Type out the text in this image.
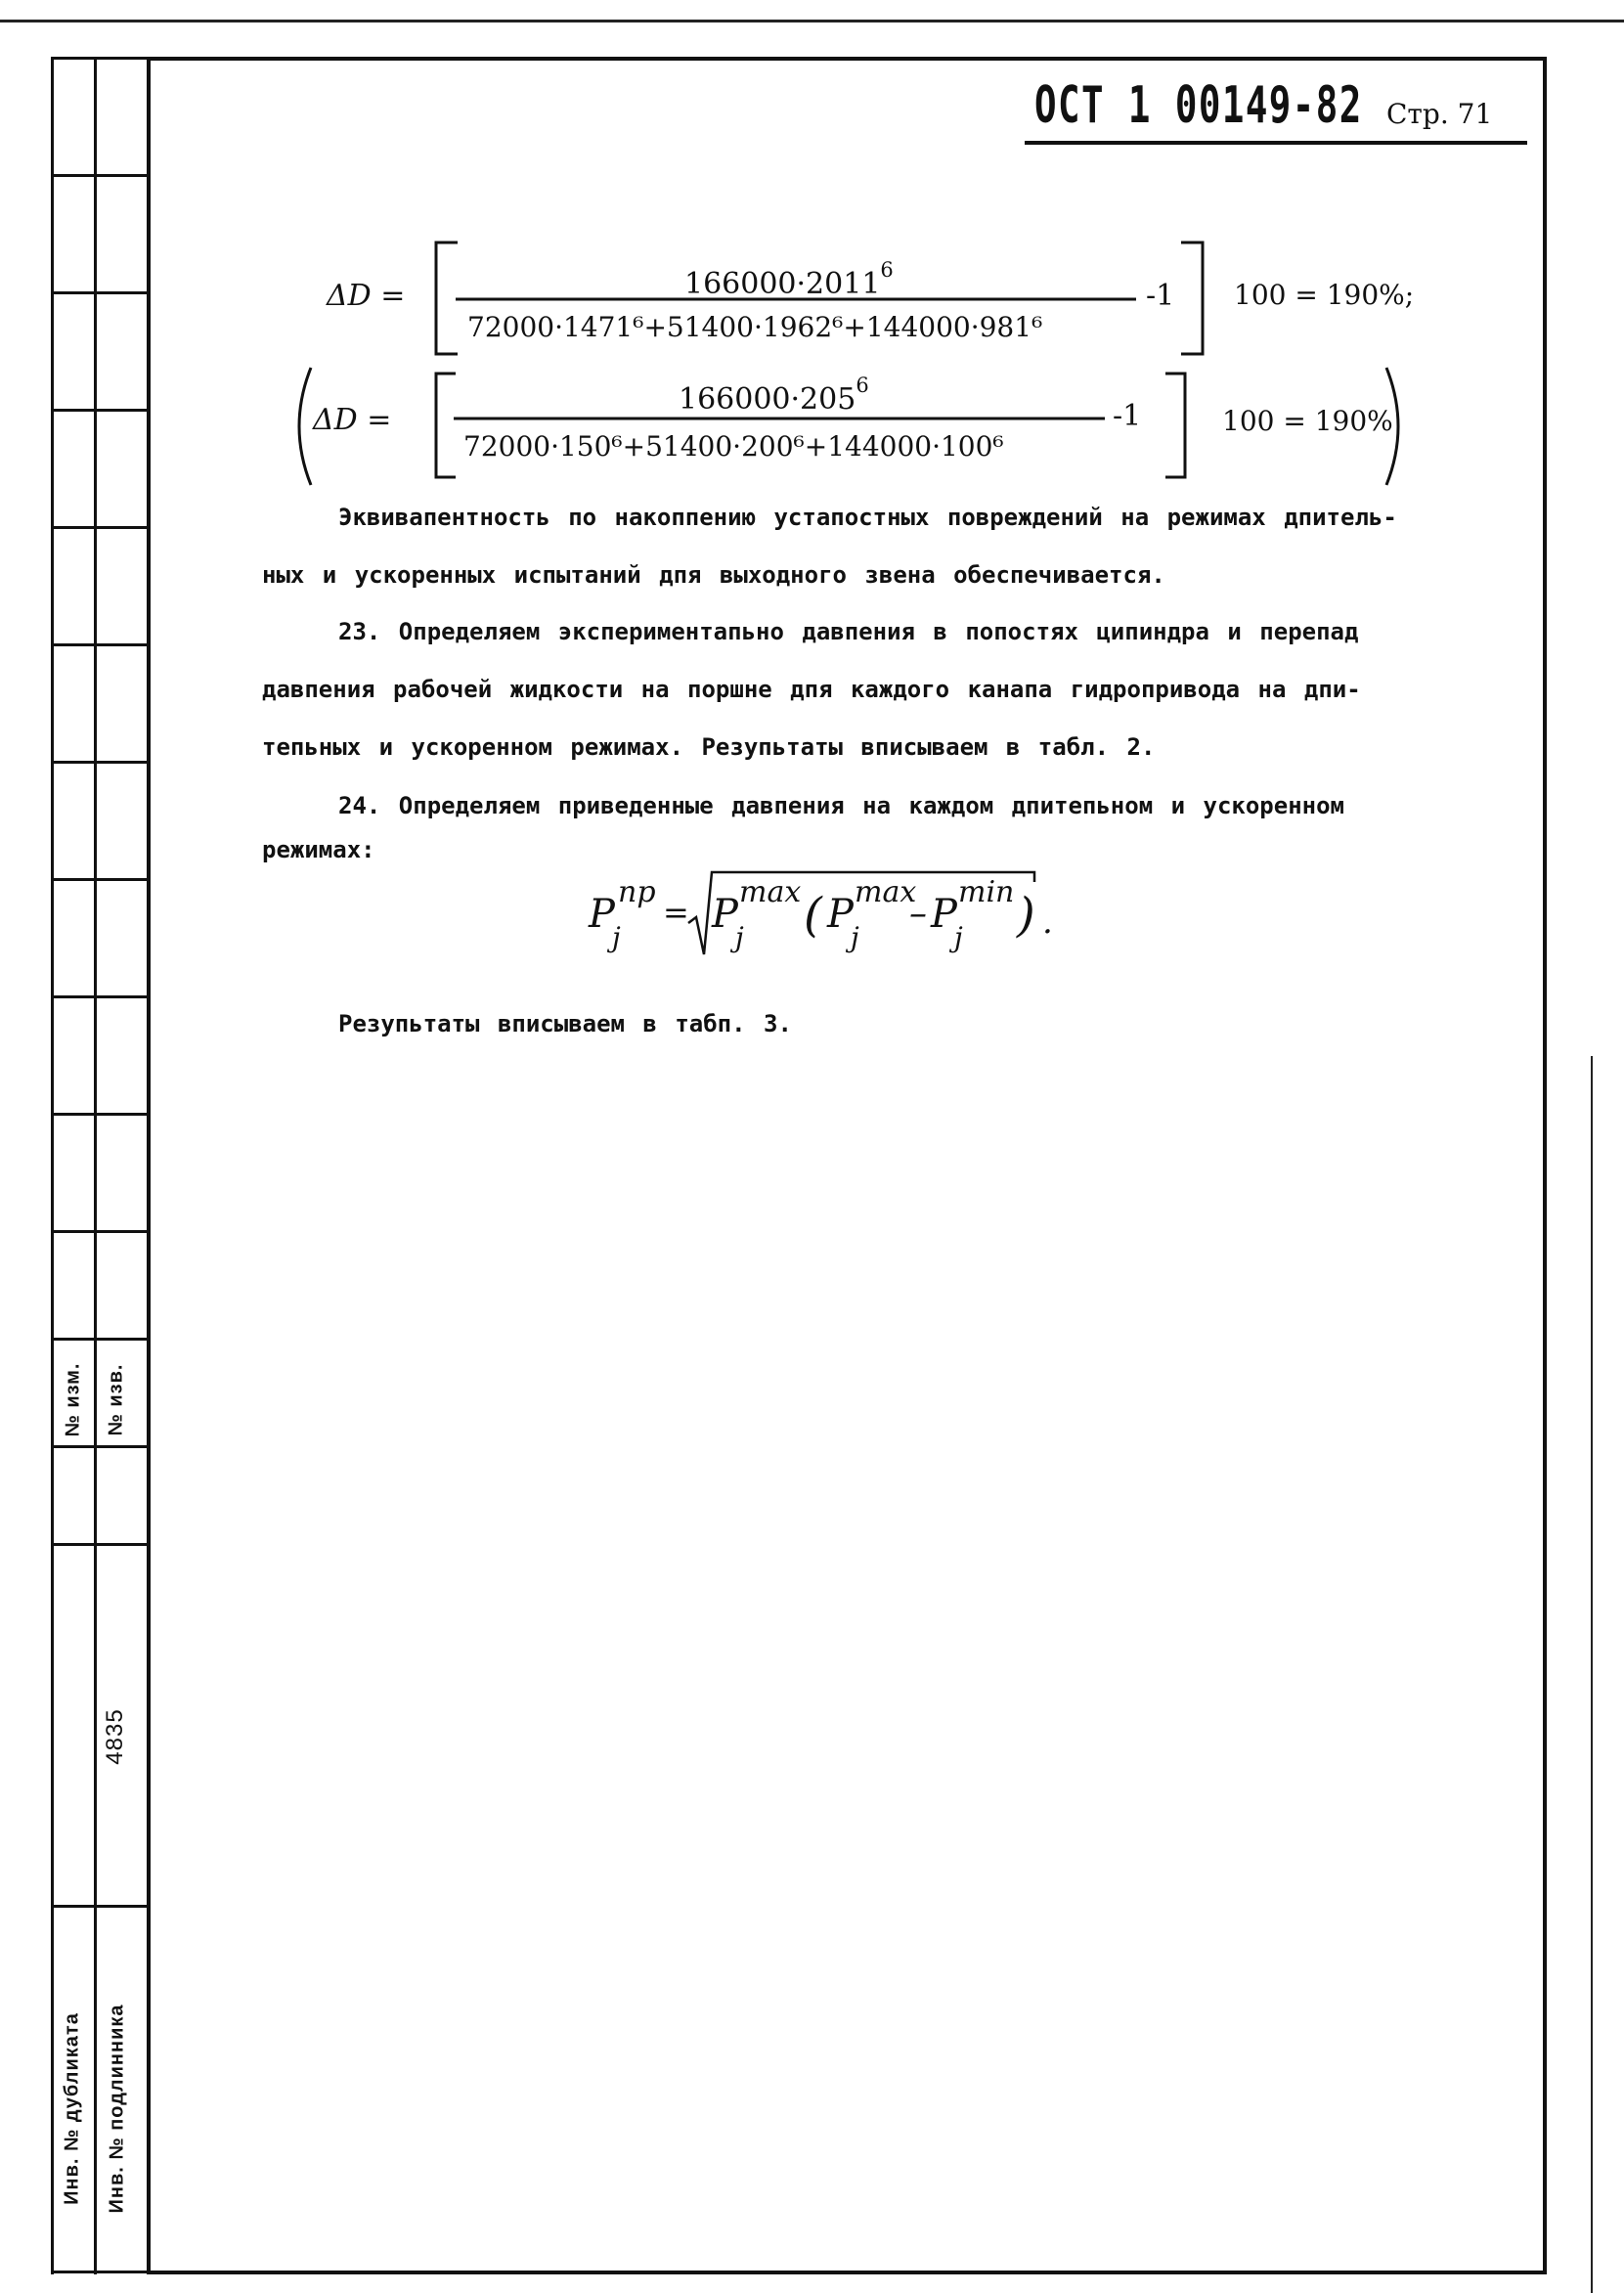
№ изм. № изв.
Инв. № дубликата Инв. № подлинника
4835
ОСТ 1 00149-82 Стр. 71
ΔD =	$166000\cdot 2011^6$
72000·1471⁶+51400·1962⁶+144000·981⁶
-1 100 = 190%;
ΔD =
$166000\cdot 205^6$
72000·150⁶+51400·200⁶+144000·100⁶
-1	100 = 190%
Эквивапентность по накоппению устапостных повреждений на режимах дпитель-
ных и ускоренных испытаний дпя выходного звена обеспечивается.
23. Определяем экспериментапьно давпения в попостях ципиндра и перепад
давпения рабочей жидкости на поршне дпя каждого канапа гидропривода на дпи-
тепьных и ускоренном режимах. Резупьтаты вписываем в табл. 2.
24. Определяем приведенные давпения на каждом дпитепьном и ускоренном
режимах:
P
j
пр
= P
j
max ( P
j
max
– P
j
min ) .
Резупьтаты вписываем в табп. 3.
